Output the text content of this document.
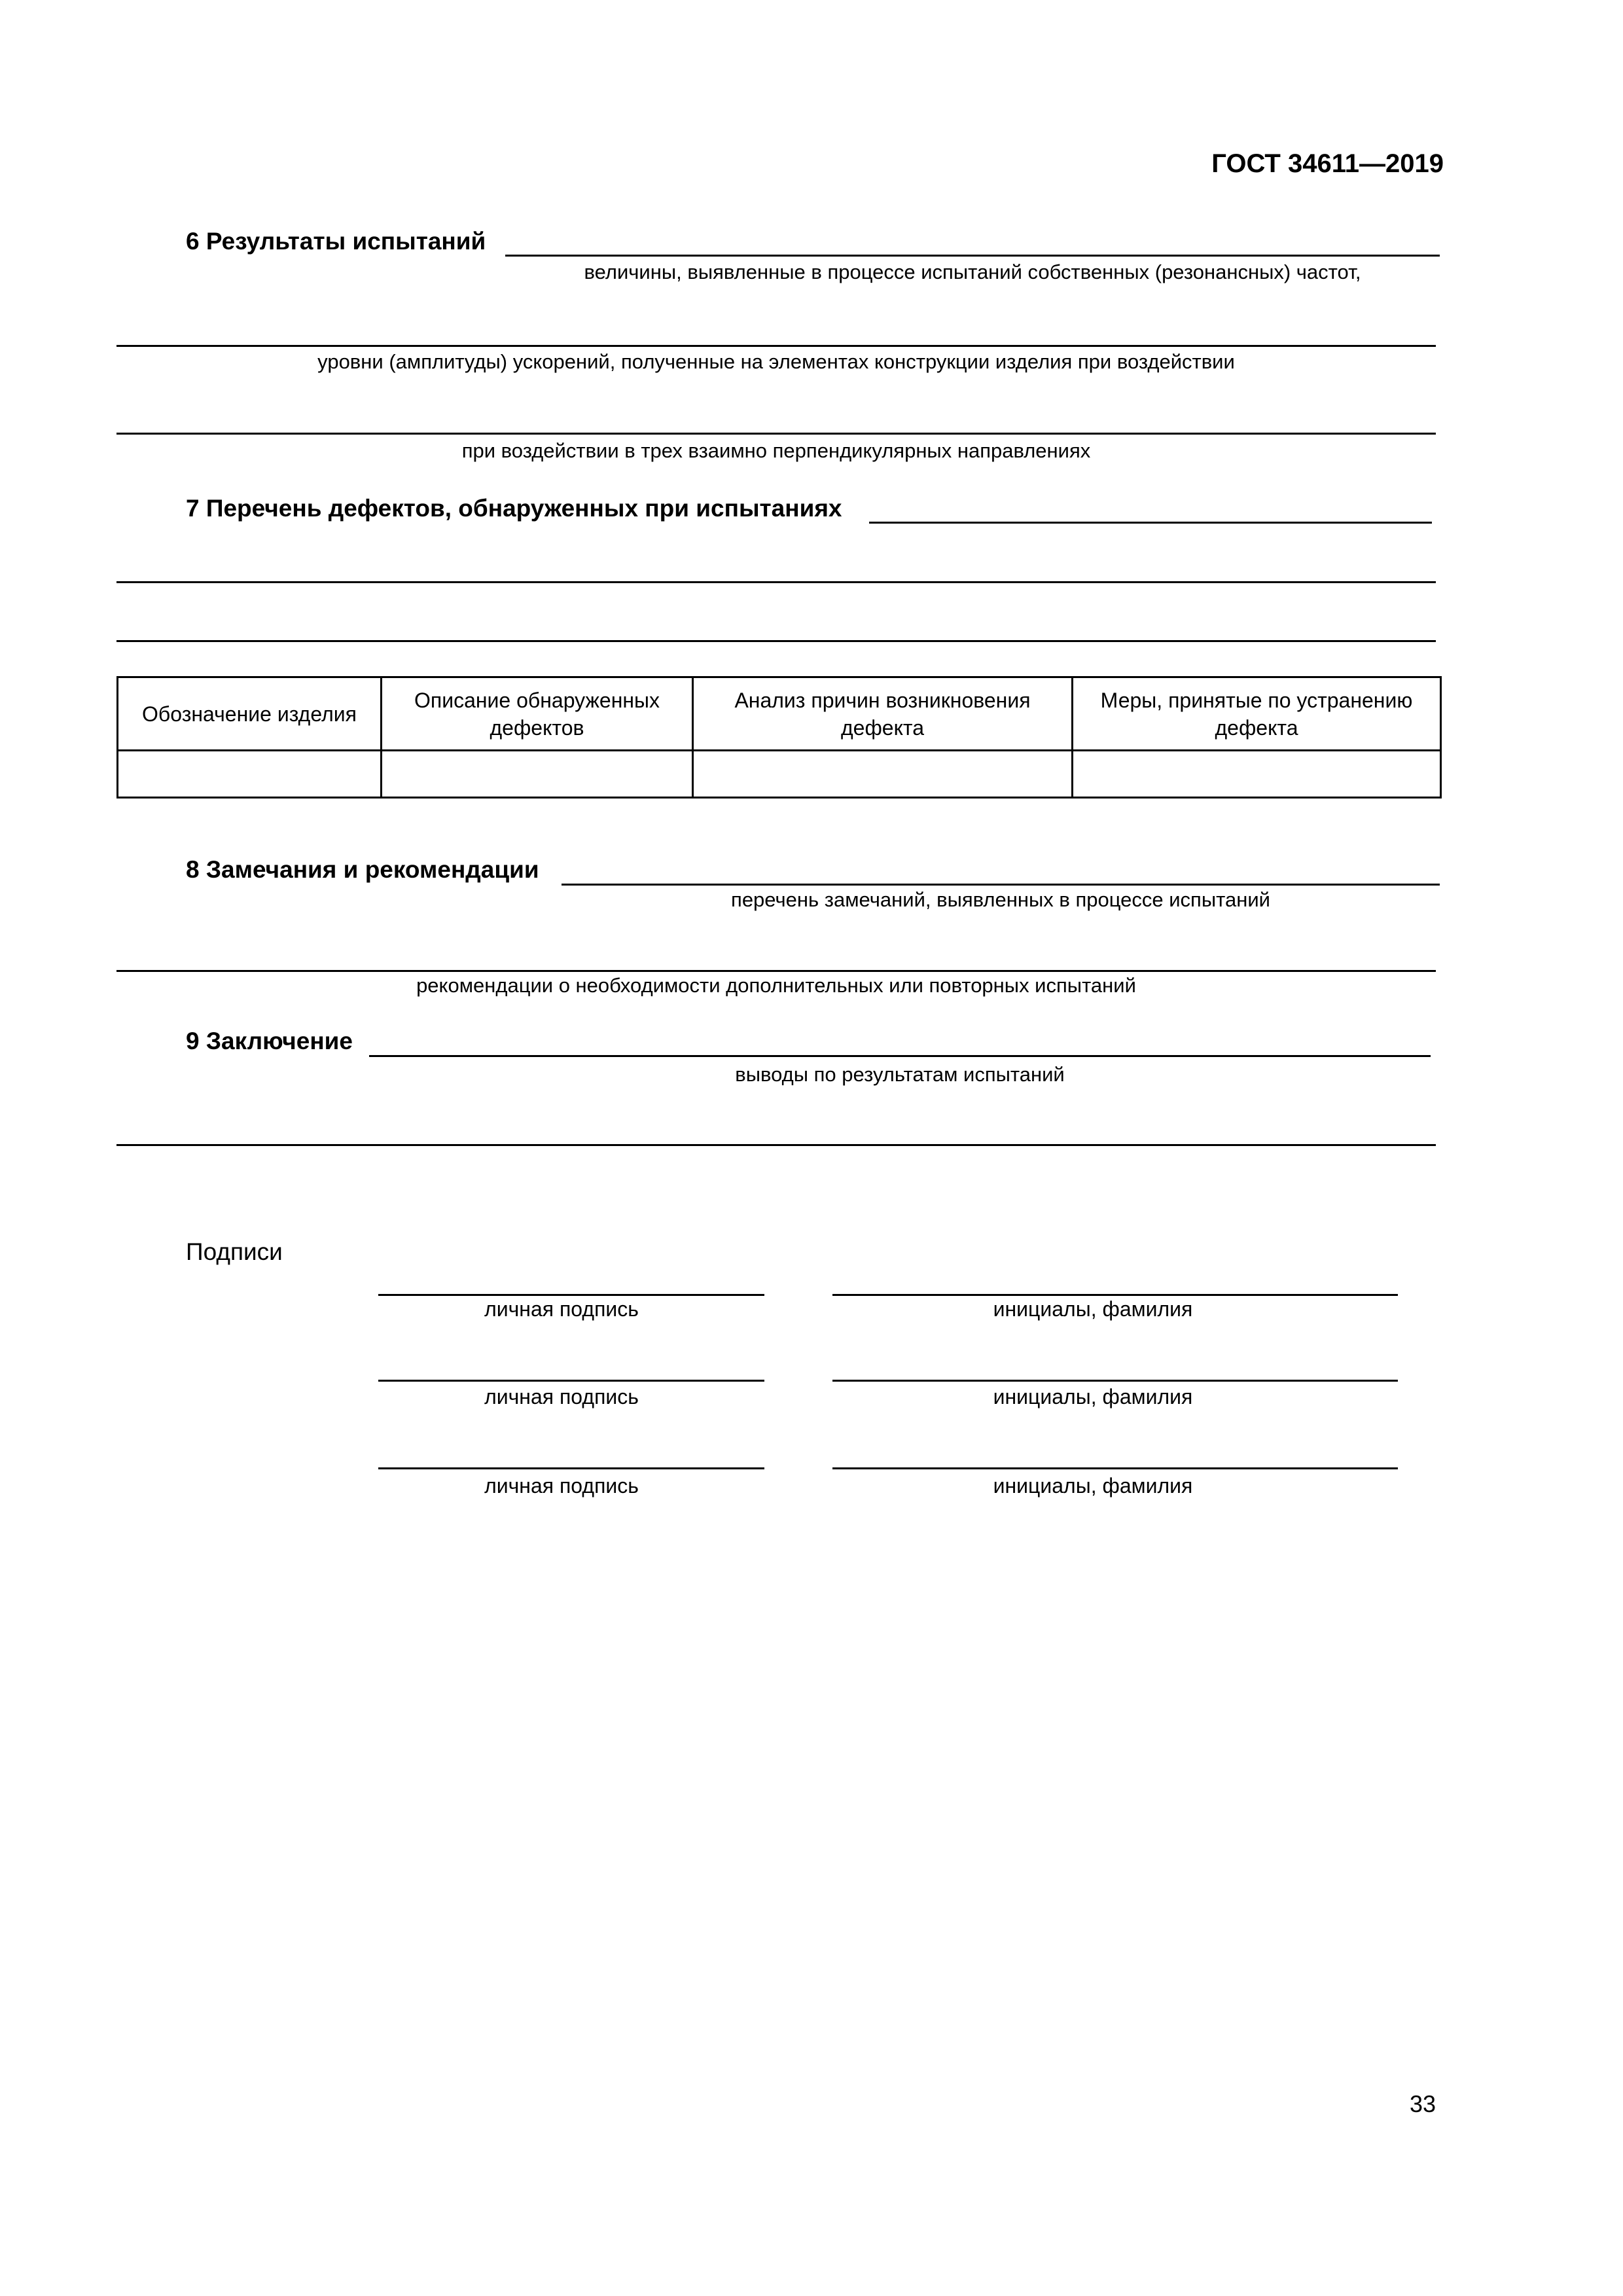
ГОСТ 34611—2019
6 Результаты испытаний
величины, выявленные в процессе испытаний собственных (резонансных) частот,
уровни (амплитуды) ускорений, полученные на элементах конструкции изделия при воздействии
при воздействии в трех взаимно перпендикулярных направлениях
7 Перечень дефектов, обнаруженных при испытаниях
Обозначение изделия	Описание обнаруженных дефектов	Анализ причин возникновения дефекта	Меры, принятые по устранению дефекта

8 Замечания и рекомендации
перечень замечаний, выявленных в процессе испытаний
рекомендации о необходимости дополнительных или повторных испытаний
9 Заключение
выводы по результатам испытаний
Подписи
личная подпись	инициалы, фамилия
личная подпись	инициалы, фамилия
личная подпись	инициалы, фамилия
33
